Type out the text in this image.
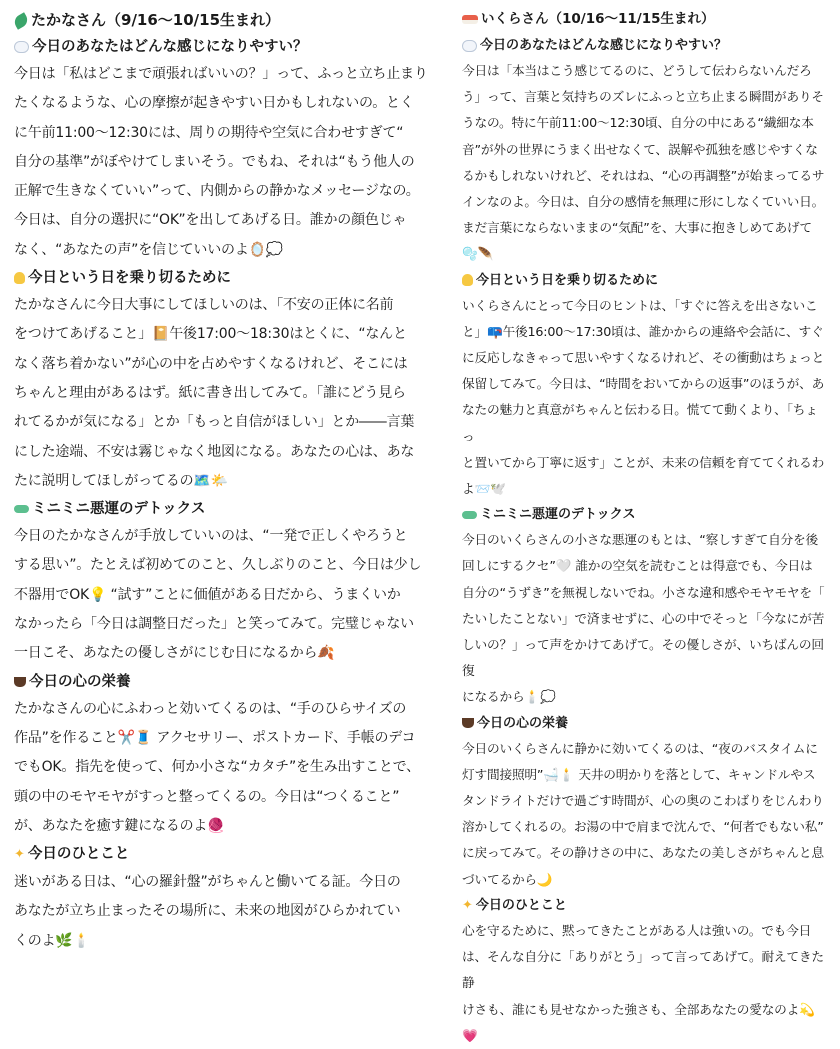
たかなさん（9/16〜10/15生まれ）
今日のあなたはどんな感じになりやすい？
今日は「私はどこまで頑張ればいいの？」って、ふっと立ち止まり
たくなるような、心の摩擦が起きやすい日かもしれないの。とく
に午前11:00〜12:30には、周りの期待や空気に合わせすぎて“
自分の基準”がぼやけてしまいそう。でもね、それは“もう他人の
正解で生きなくていい”って、内側からの静かなメッセージなの。
今日は、自分の選択に“OK”を出してあげる日。誰かの顔色じゃ
なく、“あなたの声”を信じていいのよ🪞💭
今日という日を乗り切るために
たかなさんに今日大事にしてほしいのは、「不安の正体に名前
をつけてあげること」📔午後17:00〜18:30はとくに、“なんと
なく落ち着かない”が心の中を占めやすくなるけれど、そこには
ちゃんと理由があるはず。紙に書き出してみて。「誰にどう見ら
れてるかが気になる」とか「もっと自信がほしい」とか――言葉
にした途端、不安は霧じゃなく地図になる。あなたの心は、あな
たに説明してほしがってるの🗺️🌤️
ミニミニ悪運のデトックス
今日のたかなさんが手放していいのは、“一発で正しくやろうと
する思い”。たとえば初めてのこと、久しぶりのこと、今日は少し
不器用でOK💡 “試す”ことに価値がある日だから、うまくいか
なかったら「今日は調整日だった」と笑ってみて。完璧じゃない
一日こそ、あなたの優しさがにじむ日になるから🍂
今日の心の栄養
たかなさんの心にふわっと効いてくるのは、“手のひらサイズの
作品”を作ること✂️🧵 アクセサリー、ポストカード、手帳のデコ
でもOK。指先を使って、何か小さな“カタチ”を生み出すことで、
頭の中のモヤモヤがすっと整ってくるの。今日は“つくること”
が、あなたを癒す鍵になるのよ🧶
✦ 今日のひとこと
迷いがある日は、“心の羅針盤”がちゃんと働いてる証。今日の
あなたが立ち止まったその場所に、未来の地図がひらかれてい
くのよ🌿🕯️
いくらさん（10/16〜11/15生まれ）
今日のあなたはどんな感じになりやすい？
今日は「本当はこう感じてるのに、どうして伝わらないんだろ
う」って、言葉と気持ちのズレにふっと立ち止まる瞬間がありそ
うなの。特に午前11:00〜12:30頃、自分の中にある“繊細な本
音”が外の世界にうまく出せなくて、誤解や孤独を感じやすくな
るかもしれないけれど、それはね、“心の再調整”が始まってるサ
インなのよ。今日は、自分の感情を無理に形にしなくていい日。
まだ言葉にならないままの“気配”を、大事に抱きしめてあげて
🫧🪶
今日という日を乗り切るために
いくらさんにとって今日のヒントは、「すぐに答えを出さないこ
と」📪午後16:00〜17:30頃は、誰かからの連絡や会話に、すぐ
に反応しなきゃって思いやすくなるけれど、その衝動はちょっと
保留してみて。今日は、“時間をおいてからの返事”のほうが、あ
なたの魅力と真意がちゃんと伝わる日。慌てて動くより、「ちょっ
と置いてから丁寧に返す」ことが、未来の信頼を育ててくれるわ
よ📨🕊️
ミニミニ悪運のデトックス
今日のいくらさんの小さな悪運のもとは、“察しすぎて自分を後
回しにするクセ”🤍 誰かの空気を読むことは得意でも、今日は
自分の“うずき”を無視しないでね。小さな違和感やモヤモヤを「
たいしたことない」で済ませずに、心の中でそっと「今なにが苦
しいの？」って声をかけてあげて。その優しさが、いちばんの回復
になるから🕯️💭
今日の心の栄養
今日のいくらさんに静かに効いてくるのは、“夜のバスタイムに
灯す間接照明”🛁🕯️ 天井の明かりを落として、キャンドルやス
タンドライトだけで過ごす時間が、心の奥のこわばりをじんわり
溶かしてくれるの。お湯の中で肩まで沈んで、“何者でもない私”
に戻ってみて。その静けさの中に、あなたの美しさがちゃんと息
づいてるから🌙
✦ 今日のひとこと
心を守るために、黙ってきたことがある人は強いの。でも今日
は、そんな自分に「ありがとう」って言ってあげて。耐えてきた静
けさも、誰にも見せなかった強さも、全部あなたの愛なのよ💫
💗
